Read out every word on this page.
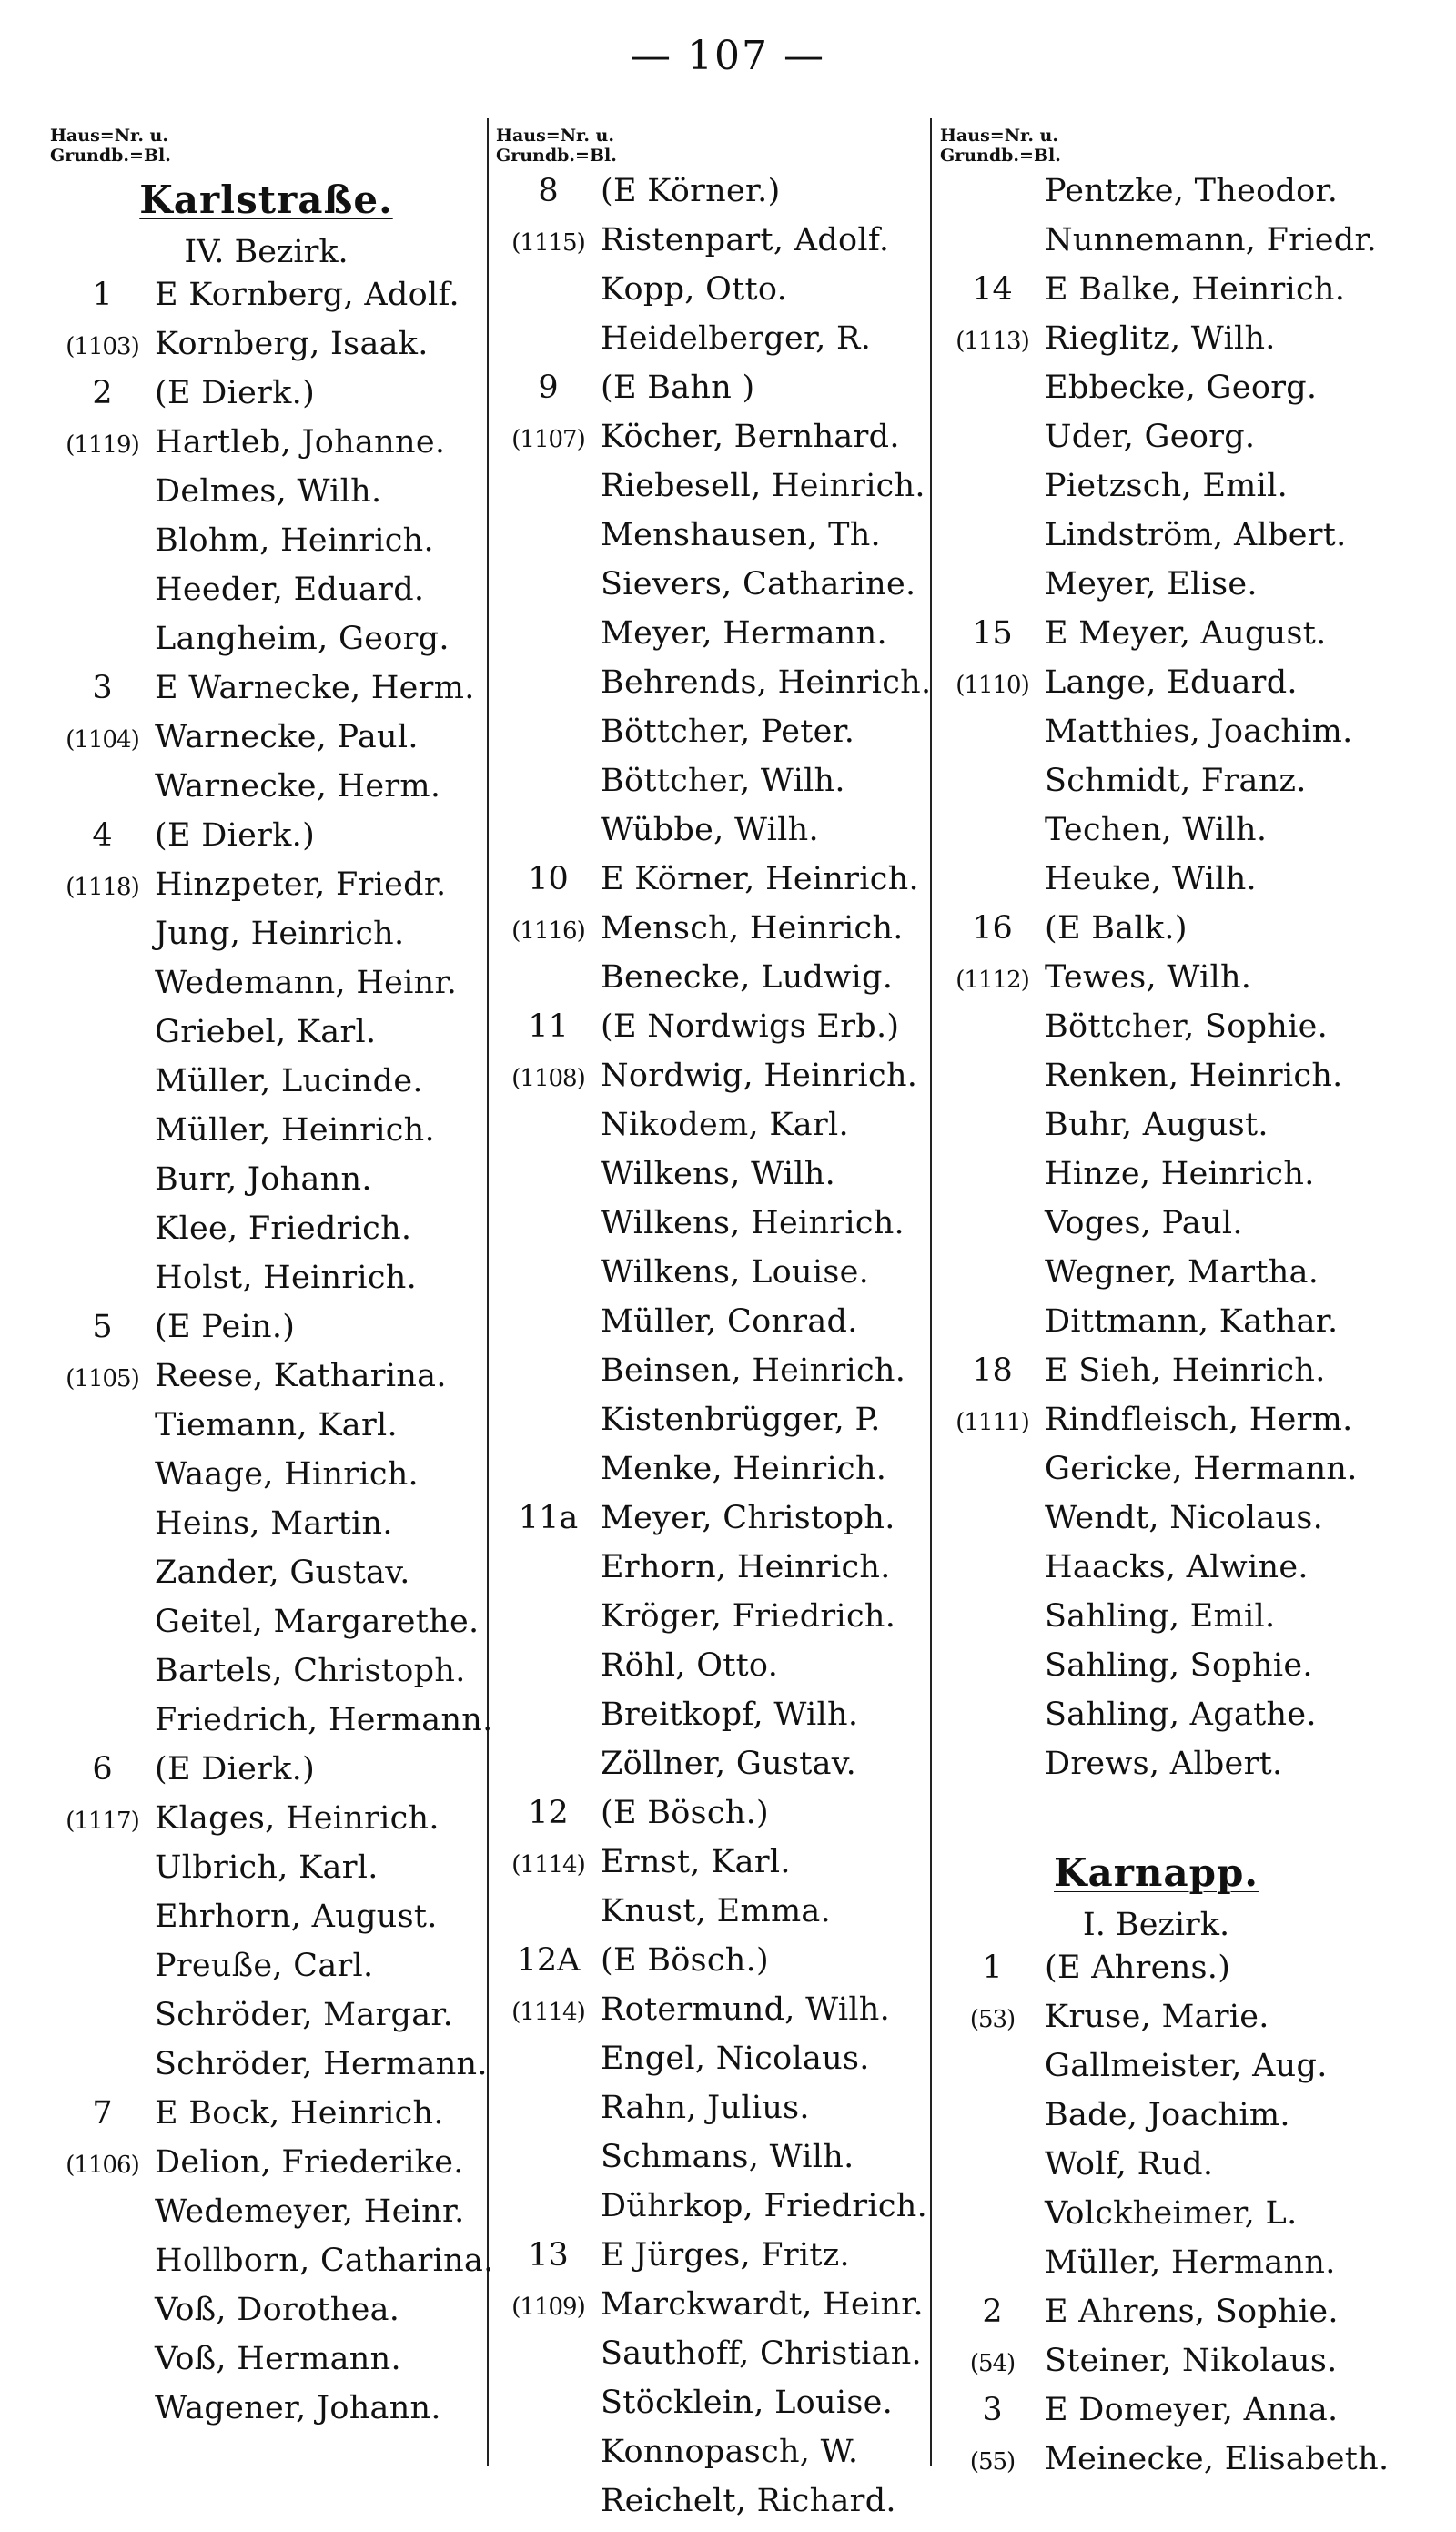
— 107 —
Haus=Nr. u.
Grundb.=Bl.
Karlstraße.
IV. Bezirk.
1	E Kornberg, Adolf.
(1103) Kornberg, Isaak.
2	(E Dierk.)
(1119) Hartleb, Johanne.
Delmes, Wilh.
Blohm, Heinrich.
Heeder, Eduard.
Langheim, Georg.
3	E Warnecke, Herm.
(1104) Warnecke, Paul.
Warnecke, Herm.
4	(E Dierk.)
(1118) Hinzpeter, Friedr.
Jung, Heinrich.
Wedemann, Heinr.
Griebel, Karl.
Müller, Lucinde.
Müller, Heinrich.
Burr, Johann.
Klee, Friedrich.
Holst, Heinrich.
5	(E Pein.)
(1105) Reese, Katharina.
Tiemann, Karl.
Waage, Hinrich.
Heins, Martin.
Zander, Gustav.
Geitel, Margarethe.
Bartels, Christoph.
Friedrich, Hermann.
6	(E Dierk.)
(1117) Klages, Heinrich.
Ulbrich, Karl.
Ehrhorn, August.
Preuße, Carl.
Schröder, Margar.
Schröder, Hermann.
7	E Bock, Heinrich.
(1106) Delion, Friederike.
Wedemeyer, Heinr.
Hollborn, Catharina.
Voß, Dorothea.
Voß, Hermann.
Wagener, Johann.
Haus=Nr. u.
Grundb.=Bl.
8	(E Körner.)
(1115) Ristenpart, Adolf.
Kopp, Otto.
Heidelberger, R.
9	(E Bahn )
(1107) Köcher, Bernhard.
Riebesell, Heinrich.
Menshausen, Th.
Sievers, Catharine.
Meyer, Hermann.
Behrends, Heinrich.
Böttcher, Peter.
Böttcher, Wilh.
Wübbe, Wilh.
10	E Körner, Heinrich.
(1116) Mensch, Heinrich.
Benecke, Ludwig.
11	(E Nordwigs Erb.)
(1108) Nordwig, Heinrich.
Nikodem, Karl.
Wilkens, Wilh.
Wilkens, Heinrich.
Wilkens, Louise.
Müller, Conrad.
Beinsen, Heinrich.
Kistenbrügger, P.
Menke, Heinrich.
11a Meyer, Christoph.
Erhorn, Heinrich.
Kröger, Friedrich.
Röhl, Otto.
Breitkopf, Wilh.
Zöllner, Gustav.
12	(E Bösch.)
(1114) Ernst, Karl.
Knust, Emma.
12A (E Bösch.)
(1114) Rotermund, Wilh.
Engel, Nicolaus.
Rahn, Julius.
Schmans, Wilh.
Dührkop, Friedrich.
13	E Jürges, Fritz.
(1109) Marckwardt, Heinr.
Sauthoff, Christian.
Stöcklein, Louise.
Konnopasch, W.
Reichelt, Richard.
Haus=Nr. u.
Grundb.=Bl.
Pentzke, Theodor.
Nunnemann, Friedr.
14	E Balke, Heinrich.
(1113) Rieglitz, Wilh.
Ebbecke, Georg.
Uder, Georg.
Pietzsch, Emil.
Lindström, Albert.
Meyer, Elise.
15	E Meyer, August.
(1110) Lange, Eduard.
Matthies, Joachim.
Schmidt, Franz.
Techen, Wilh.
Heuke, Wilh.
16	(E Balk.)
(1112) Tewes, Wilh.
Böttcher, Sophie.
Renken, Heinrich.
Buhr, August.
Hinze, Heinrich.
Voges, Paul.
Wegner, Martha.
Dittmann, Kathar.
18	E Sieh, Heinrich.
(1111) Rindfleisch, Herm.
Gericke, Hermann.
Wendt, Nicolaus.
Haacks, Alwine.
Sahling, Emil.
Sahling, Sophie.
Sahling, Agathe.
Drews, Albert.
Karnapp.
I. Bezirk.
1	(E Ahrens.)
(53) Kruse, Marie.
Gallmeister, Aug.
Bade, Joachim.
Wolf, Rud.
Volckheimer, L.
Müller, Hermann.
2	E Ahrens, Sophie.
(54) Steiner, Nikolaus.
3	E Domeyer, Anna.
(55) Meinecke, Elisabeth.
